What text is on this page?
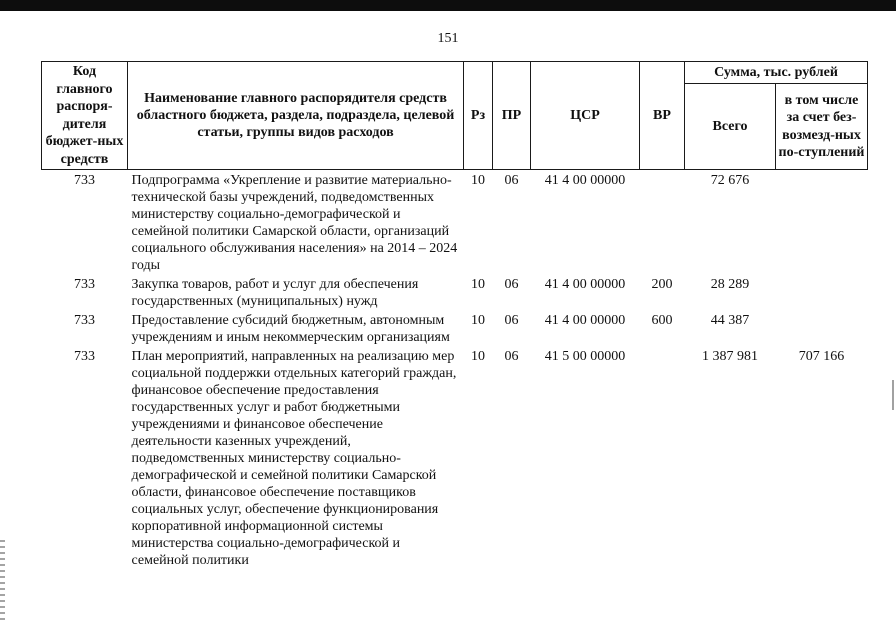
151
Код главного распоря-дителя бюджет-ных средств	Наименование главного распорядителя средств областного бюджета, раздела, подраздела, целевой статьи, группы видов расходов	Рз	ПР	ЦСР	ВР	Сумма, тыс. рублей	
						Всего	в том числе за счет без-возмезд-ных по-ступлений
733	Подпрограмма «Укрепление и развитие материально-технической базы учреждений, подведомственных министерству социально-демографической и семейной политики Самарской области, организаций социального обслуживания населения» на 2014 – 2024 годы	10	06	41 4 00 00000		72 676	
733	Закупка товаров, работ и услуг для обеспечения государственных (муниципальных) нужд	10	06	41 4 00 00000	200	28 289	
733	Предоставление субсидий бюджетным, автономным учреждениям и иным некоммерческим организациям	10	06	41 4 00 00000	600	44 387	
733	План мероприятий, направленных на реализацию мер социальной поддержки отдельных категорий граждан, финансовое обеспечение предоставления государственных услуг и работ бюджетными учреждениями и финансовое обеспечение деятельности казенных учреждений, подведомственных министерству социально-демографической и семейной политики Самарской области, финансовое обеспечение поставщиков социальных услуг, обеспечение функционирования корпоративной информационной системы министерства социально-демографической и семейной политики	10	06	41 5 00 00000		1 387 981	707 166
